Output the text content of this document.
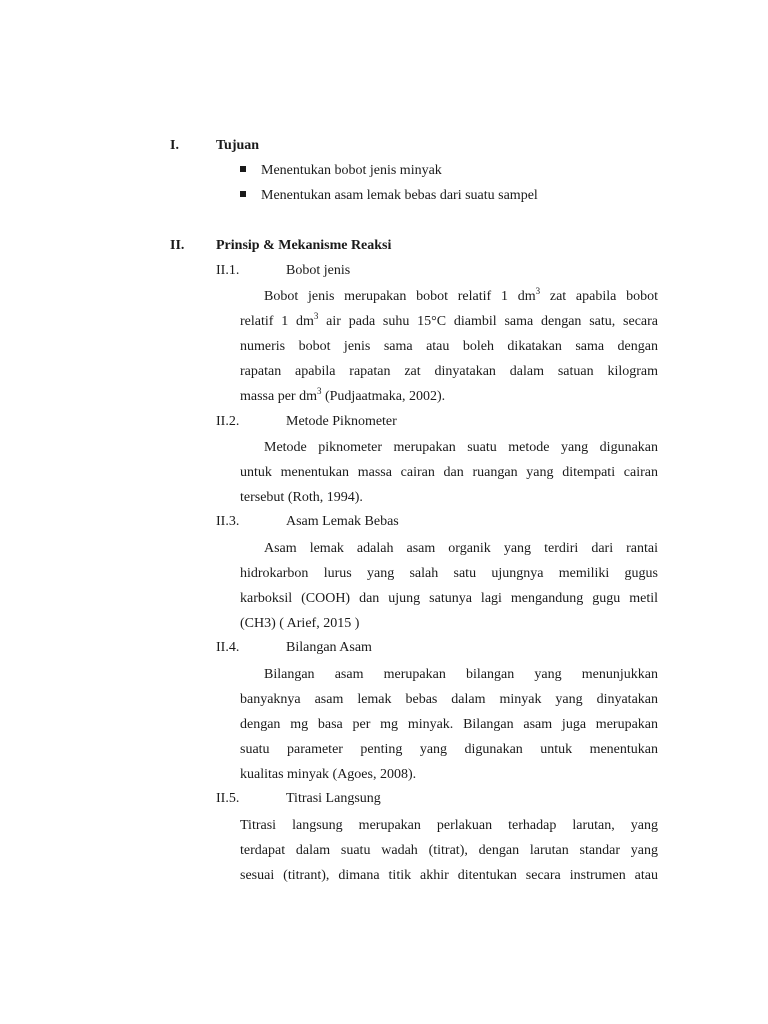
I.	Tujuan
Menentukan bobot jenis minyak
Menentukan asam lemak bebas dari suatu sampel
II. Prinsip & Mekanisme Reaksi
II.1.	Bobot jenis
Bobot jenis merupakan bobot relatif 1 $dm^3$ zat apabila bobot
relatif 1 $dm^3$ air pada suhu 15°C diambil sama dengan satu, secara
numeris bobot jenis sama atau boleh dikatakan sama dengan
rapatan apabila rapatan zat dinyatakan dalam satuan kilogram
massa per $dm^3$ (Pudjaatmaka, 2002).
II.2.	Metode Piknometer
Metode piknometer merupakan suatu metode yang digunakan
untuk menentukan massa cairan dan ruangan yang ditempati cairan
tersebut (Roth, 1994).
II.3.	Asam Lemak Bebas
Asam lemak adalah asam organik yang terdiri dari rantai
hidrokarbon lurus yang salah satu ujungnya memiliki gugus
karboksil (COOH) dan ujung satunya lagi mengandung gugu metil
(CH3) ( Arief, 2015 )
II.4.	Bilangan Asam
Bilangan asam merupakan bilangan yang menunjukkan
banyaknya asam lemak bebas dalam minyak yang dinyatakan
dengan mg basa per mg minyak. Bilangan asam juga merupakan
suatu parameter penting yang digunakan untuk menentukan
kualitas minyak (Agoes, 2008).
II.5.	Titrasi Langsung
Titrasi langsung merupakan perlakuan terhadap larutan, yang
terdapat dalam suatu wadah (titrat), dengan larutan standar yang
sesuai (titrant), dimana titik akhir ditentukan secara instrumen atau
